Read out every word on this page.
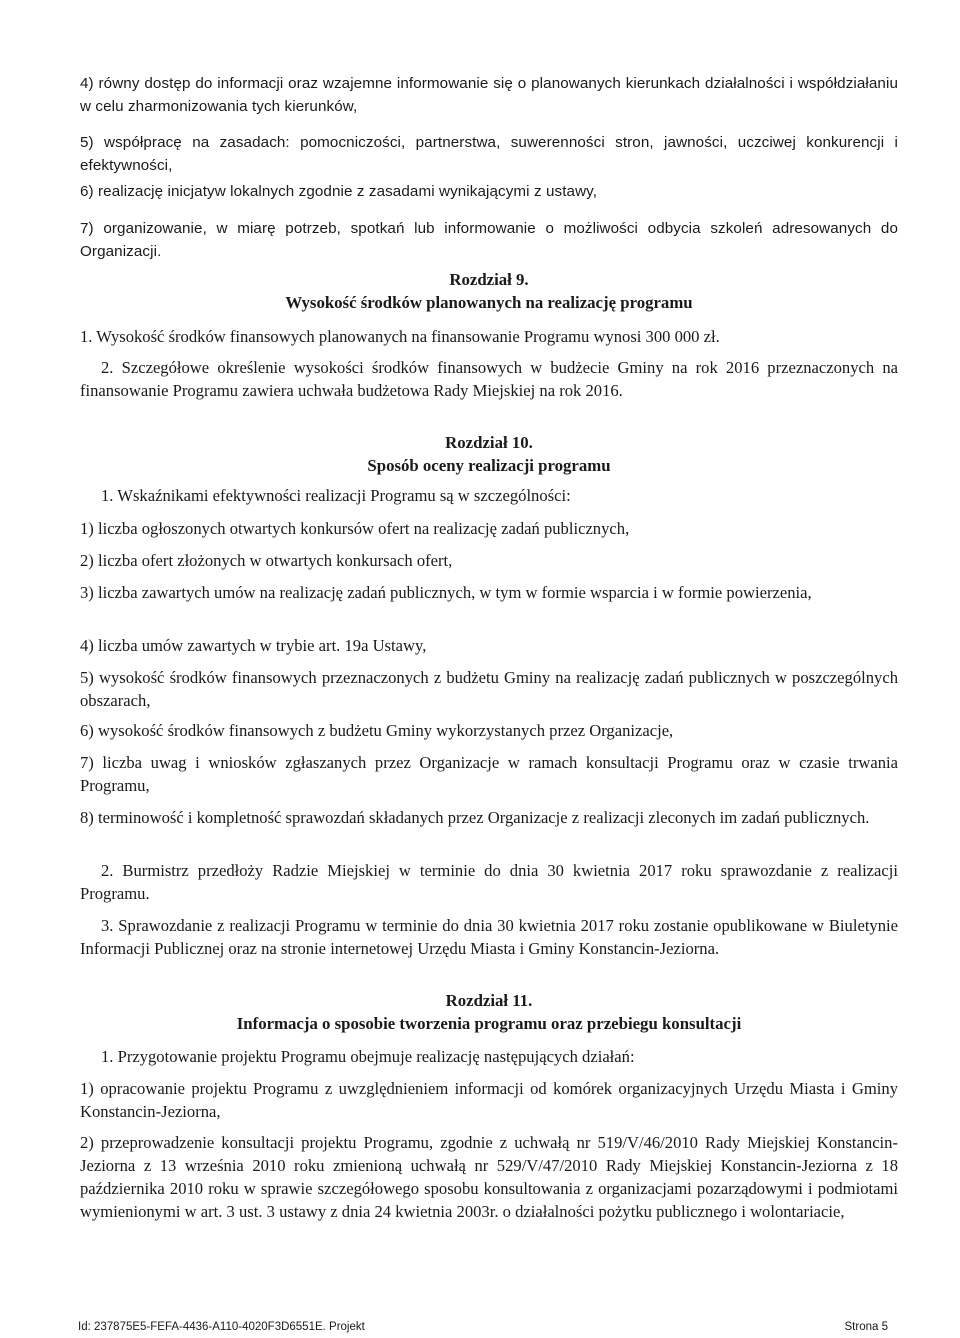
4) równy dostęp do informacji oraz wzajemne informowanie się o planowanych kierunkach działalności i współdziałaniu w celu zharmonizowania tych kierunków,

5) współpracę na zasadach: pomocniczości, partnerstwa, suwerenności stron, jawności, uczciwej konkurencji i efektywności,

6) realizację inicjatyw lokalnych zgodnie z zasadami wynikającymi z ustawy,

7) organizowanie, w miarę potrzeb, spotkań lub informowanie o możliwości odbycia szkoleń adresowanych do Organizacji.

Rozdział 9.

Wysokość środków planowanych na realizację programu

1. Wysokość środków finansowych planowanych na finansowanie Programu wynosi 300 000 zł.

2. Szczegółowe określenie wysokości środków finansowych w budżecie Gminy na rok 2016 przeznaczonych na finansowanie Programu zawiera uchwała budżetowa Rady Miejskiej na rok 2016.

Rozdział 10.

Sposób oceny realizacji programu

1. Wskaźnikami efektywności realizacji Programu są w szczególności:

1) liczba ogłoszonych otwartych konkursów ofert na realizację zadań publicznych,

2) liczba ofert złożonych w otwartych konkursach ofert,

3) liczba zawartych umów na realizację zadań publicznych, w tym w formie wsparcia i w formie powierzenia,

4) liczba umów zawartych w trybie art. 19a Ustawy,

5) wysokość środków finansowych przeznaczonych z budżetu Gminy na realizację zadań publicznych w poszczególnych obszarach,

6) wysokość środków finansowych z budżetu Gminy wykorzystanych przez Organizacje,

7) liczba uwag i wniosków zgłaszanych przez Organizacje w ramach konsultacji Programu oraz w czasie trwania Programu,

8) terminowość i kompletność sprawozdań składanych przez Organizacje z realizacji zleconych im zadań publicznych.

2. Burmistrz przedłoży Radzie Miejskiej w terminie do dnia 30 kwietnia 2017 roku sprawozdanie z realizacji Programu.

3. Sprawozdanie z realizacji Programu w terminie do dnia 30 kwietnia 2017 roku zostanie opublikowane w Biuletynie Informacji Publicznej oraz na stronie internetowej Urzędu Miasta i Gminy Konstancin-Jeziorna.

Rozdział 11.

Informacja o sposobie tworzenia programu oraz przebiegu konsultacji

1. Przygotowanie projektu Programu obejmuje realizację następujących działań:

1) opracowanie projektu Programu z uwzględnieniem informacji od komórek organizacyjnych Urzędu Miasta i Gminy Konstancin-Jeziorna,

2) przeprowadzenie konsultacji projektu Programu, zgodnie z uchwałą nr 519/V/46/2010 Rady Miejskiej Konstancin-Jeziorna z 13 września 2010 roku zmienioną uchwałą nr 529/V/47/2010 Rady Miejskiej Konstancin-Jeziorna z 18 października 2010 roku w sprawie szczegółowego sposobu konsultowania z organizacjami pozarządowymi i podmiotami wymienionymi w art. 3 ust. 3 ustawy z dnia 24 kwietnia 2003r. o działalności pożytku publicznego i wolontariacie,

Id: 237875E5-FEFA-4436-A110-4020F3D6551E. Projekt	Strona 5
